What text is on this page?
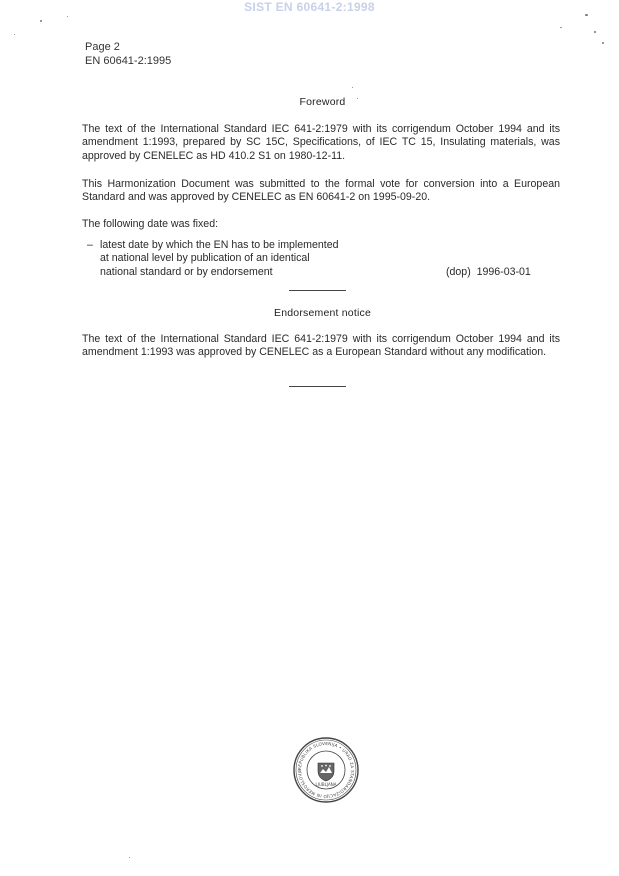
SIST EN 60641-2:1998
Page 2
EN 60641-2:1995
Foreword
The text of the International Standard IEC 641-2:1979 with its corrigendum October 1994 and its amendment 1:1993, prepared by SC 15C, Specifications, of IEC TC 15, Insulating materials, was approved by CENELEC as HD 410.2 S1 on 1980-12-11.
This Harmonization Document was submitted to the formal vote for conversion into a European Standard and was approved by CENELEC as EN 60641-2 on 1995-09-20.
The following date was fixed:
– latest date by which the EN has to be implemented
at national level by publication of an identical
national standard or by endorsement	(dop) 1996-03-01
Endorsement notice
The text of the International Standard IEC 641-2:1979 with its corrigendum October 1994 and its amendment 1:1993 was approved by CENELEC as a European Standard without any modification.
REPUBLIKA SLOVENIJA • URAD ZA STANDARDIZACIJO IN MEROSLOVJE
LJUBLJANA
